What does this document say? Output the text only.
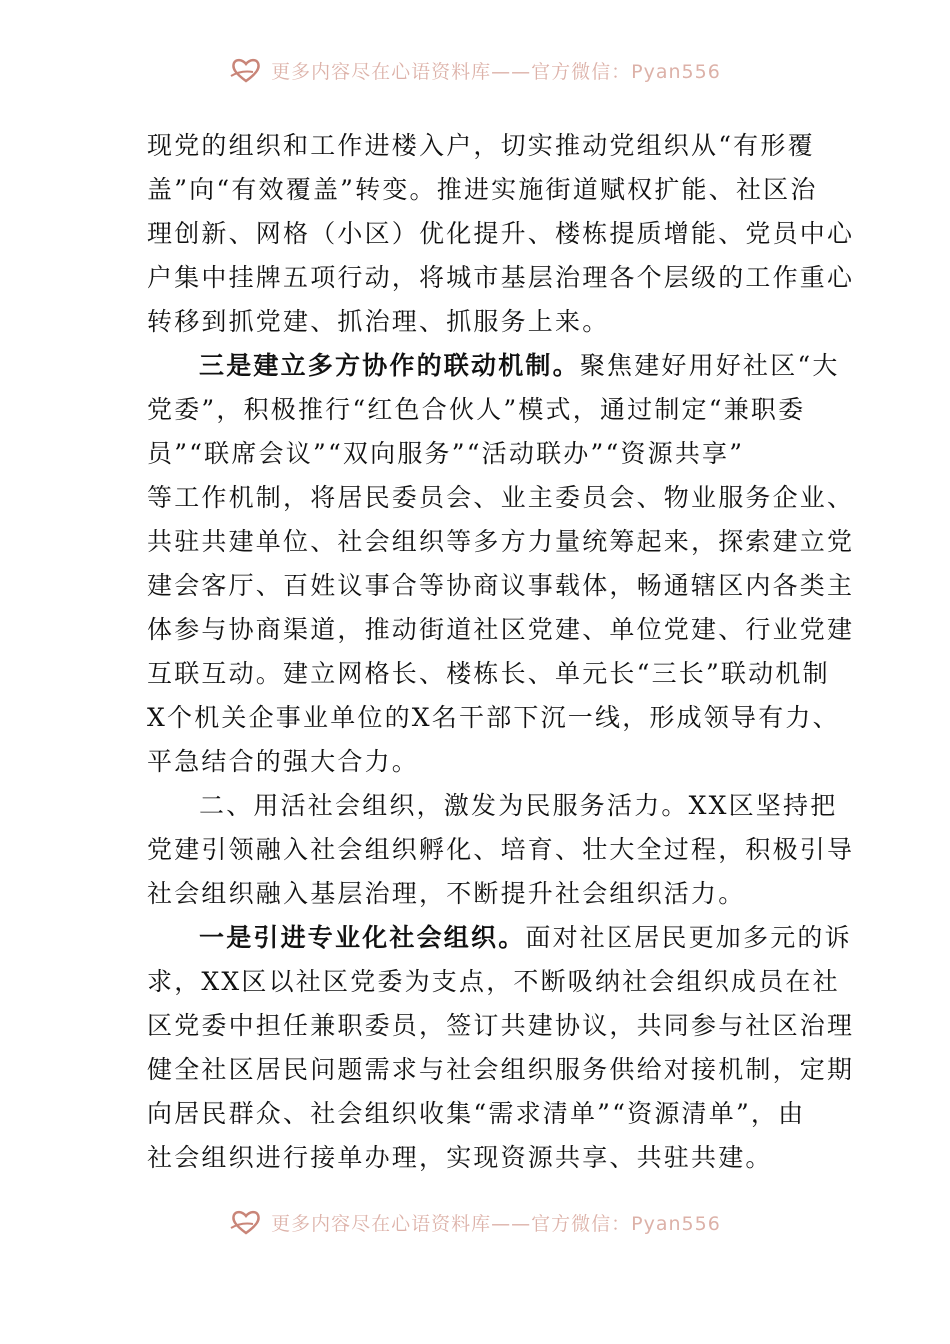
更多内容尽在心语资料库——官方微信：Pyan556
现党的组织和工作进楼入户，切实推动党组织从“有形覆
盖”向“有效覆盖”转变。推进实施街道赋权扩能、社区治
理创新、网格（小区）优化提升、楼栋提质增能、党员中心
户集中挂牌五项行动，将城市基层治理各个层级的工作重心
转移到抓党建、抓治理、抓服务上来。
三是建立多方协作的联动机制。聚焦建好用好社区“大
党委”，积极推行“红色合伙人”模式，通过制定“兼职委
员”“联席会议”“双向服务”“活动联办”“资源共享”
等工作机制，将居民委员会、业主委员会、物业服务企业、
共驻共建单位、社会组织等多方力量统筹起来，探索建立党
建会客厅、百姓议事合等协商议事载体，畅通辖区内各类主
体参与协商渠道，推动街道社区党建、单位党建、行业党建
互联互动。建立网格长、楼栋长、单元长“三长”联动机制
X个机关企事业单位的X名干部下沉一线，形成领导有力、
平急结合的强大合力。
二、用活社会组织，激发为民服务活力。XX区坚持把
党建引领融入社会组织孵化、培育、壮大全过程，积极引导
社会组织融入基层治理，不断提升社会组织活力。
一是引进专业化社会组织。面对社区居民更加多元的诉
求，XX区以社区党委为支点，不断吸纳社会组织成员在社
区党委中担任兼职委员，签订共建协议，共同参与社区治理
健全社区居民问题需求与社会组织服务供给对接机制，定期
向居民群众、社会组织收集“需求清单”“资源清单”，由
社会组织进行接单办理，实现资源共享、共驻共建。
更多内容尽在心语资料库——官方微信：Pyan556
